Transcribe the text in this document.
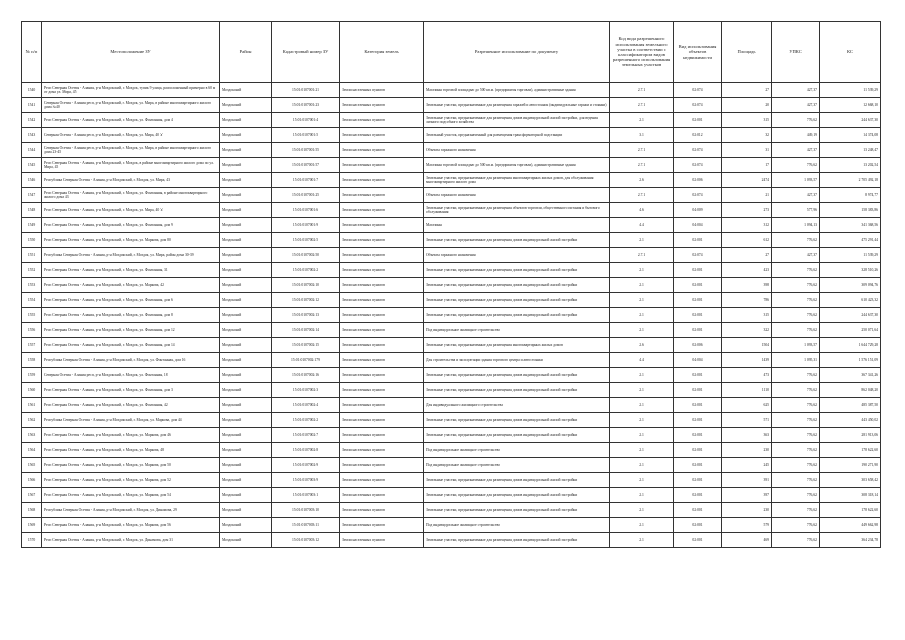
№ п/п	Местоположение ЗУ	Район	Кадастровый номер ЗУ	Категория земель	Разрешенное использование по документу	Код вида разрешенного использования земельного участка в соответствии с классификатором видов разрешенного использования земельных участков	Вид использования объектов недвижимости	Площадь	УПКС	КС
1540	Респ Северная Осетия - Алания, р-н Моздокский, г. Моздок, тупик 9 улица, расположенный примерно в 60 м от дома ул. Мира, 45	Моздокский	15:01:0107001:21	Земли населенных пунктов	Магазины торговой площадью до 500 кв.м. (предприятия торговли), административные здания	2.7.1	02:074	27	427,37	11 539,29
1541	Северная Осетия - Алания респ, р-н Моздокский, г. Моздок, ул. Мира, в районе многоквартирного жилого дома №40	Моздокский	15:01:0107001:23	Земли населенных пунктов	Земельные участки, предназначенные для размещения гаражей и автостоянок (индивидуальные гаражи и стоянки)	2.7.1	02:074	20	427,37	12 668,10
1542	Респ Северная Осетия - Алания, р-н Моздокский, г. Моздок, ул. Фонтанная, дом 4	Моздокский	15:01:0107001:4	Земли населенных пунктов	Земельные участки, предназначенные для размещения домов индивидуальной жилой застройки, для ведения личного подсобного хозяйства	2.1	02:001	315	776,62	244 637,30
1543	Северная Осетия - Алания респ, р-н Моздокский, г. Моздок, ул. Мира, 40 'а'	Моздокский	15:01:0107001:5	Земли населенных пунктов	Земельный участок, предназначенный для размещения трансформаторной подстанции	3.1	02:012	32	449,19	14 374,08
1544	Северная Осетия - Алания респ, р-н Моздокский, г. Моздок, ул. Мира, в районе многоквартирного жилого дома 23-45	Моздокский	15:01:0107001:55	Земли населенных пунктов	Объекты гаражного назначения	2.7.1	02:074	31	427,37	13 248,47
1545	Респ Северная Осетия - Алания, р-н Моздокский, г. Моздок, в районе многоквартирного жилого дома по ул. Мира, 45	Моздокский	15:01:0107001:57	Земли населенных пунктов	Магазины торговой площадью до 500 кв.м. (предприятия торговли), административные здания	2.7.1	02:074	17	776,62	13 202,54
1546	Республика Северная Осетия - Алания, р-н Моздокский, г. Моздок, ул. Мира, 43	Моздокский	15:01:0107001:7	Земли населенных пунктов	Земельные участки, предназначенные для размещения многоквартирных жилых домов, для обслуживания многоквартирного жилого дома	2.6	02:006	2474	1 093,57	2 705 492,18
1547	Респ Северная Осетия - Алания, р-н Моздокский, г. Моздок, ул. Фонтанная, в районе многоквартирного жилого дома 43	Моздокский	15:01:0107001:25	Земли населенных пунктов	Объекты гаражного назначения	2.7.1	02:074	21	427,37	8 974,77
1548	Респ Северная Осетия - Алания, р-н Моздокский, г. Моздок, ул. Мира, 40 'а'	Моздокский	15:01:0107001:6	Земли населенных пунктов	Земельные участки, предназначенные для размещения объектов торговли, общественного питания и бытового обслуживания	4.6	04:009	273	577,96	158 383,86
1549	Респ Северная Осетия - Алания, р-н Моздокский, г. Моздок, ул. Фонтанная, дом 9	Моздокский	15:01:0107001:9	Земли населенных пунктов	Магазины	4.4	04:004	312	1 094,13	341 368,56
1550	Респ Северная Осетия - Алания, р-н Моздокский, г. Моздок, ул. Маркова, дом 80	Моздокский	15:01:0107002:5	Земли населенных пунктов	Земельные участки, предназначенные для размещения домов индивидуальной жилой застройки	2.1	02:001	612	776,62	475 291,44
1551	Республика Северная Осетия - Алания, р-н Моздокский, г. Моздок, ул. Мира, район дома 30-39	Моздокский	15:01:0107002:50	Земли населенных пунктов	Объекты гаражного назначения	2.7.1	02:074	27	427,37	11 539,29
1552	Респ Северная Осетия - Алания, р-н Моздокский, г. Моздок, ул. Фонтанная, 31	Моздокский	15:01:0107002:2	Земли населенных пунктов	Земельные участки, предназначенные для размещения домов индивидуальной жилой застройки	2.1	02:001	423	776,62	328 510,26
1553	Респ Северная Осетия - Алания, р-н Моздокский, г. Моздок, ул. Маркова, 42	Моздокский	15:01:0107002:10	Земли населенных пунктов	Земельные участки, предназначенные для размещения домов индивидуальной жилой застройки	2.1	02:001	398	776,62	309 094,76
1554	Респ Северная Осетия - Алания, р-н Моздокский, г. Моздок, ул. Фонтанная, дом 6	Моздокский	15:01:0107002:12	Земли населенных пунктов	Земельные участки, предназначенные для размещения домов индивидуальной жилой застройки	2.1	02:001	786	776,62	610 423,32
1555	Респ Северная Осетия - Алания, р-н Моздокский, г. Моздок, ул. Фонтанная, дом 8	Моздокский	15:01:0107002:13	Земли населенных пунктов	Земельные участки, предназначенные для размещения домов индивидуальной жилой застройки	2.1	02:001	315	776,62	244 637,30
1556	Респ Северная Осетия - Алания, р-н Моздокский, г. Моздок, ул. Фонтанная, дом 12	Моздокский	15:01:0107002:14	Земли населенных пунктов	Под индивидуальное жилищное строительство	2.1	02:001	322	776,62	250 071,64
1557	Респ Северная Осетия - Алания, р-н Моздокский, г. Моздок, ул. Фонтанная, дом 14	Моздокский	15:01:0107002:15	Земли населенных пунктов	Земельные участки, предназначенные для размещения многоквартирных жилых домов	2.6	02:006	1504	1 093,57	1 644 729,28
1558	Республика Северная Осетия - Алания, р-н Моздокский, г. Моздок, ул. Фонтанная, дом 16	Моздокский	15:01:0107002:179	Земли населенных пунктов	Для строительства и эксплуатации здания торгового центра и автостоянки	4.4	04:004	1439	1 095,31	1 576 151,09
1559	Северная Осетия - Алания респ, р-н Моздокский, г. Моздок, ул. Фонтанная, 18	Моздокский	15:01:0107002:16	Земли населенных пунктов	Земельные участки, предназначенные для размещения домов индивидуальной жилой застройки	2.1	02:001	473	776,62	367 341,26
1560	Респ Северная Осетия - Алания, р-н Моздокский, г. Моздок, ул. Фонтанная, дом 3	Моздокский	15:01:0107002:3	Земли населенных пунктов	Земельные участки, предназначенные для размещения домов индивидуальной жилой застройки	2.1	02:001	1110	776,62	862 048,20
1561	Респ Северная Осетия - Алания, р-н Моздокский, г. Моздок, ул. Фонтанная, 42	Моздокский	15:01:0107002:4	Земли населенных пунктов	Для индивидуального жилищного строительства	2.1	02:001	625	776,62	485 387,50
1562	Республика Северная Осетия - Алания, р-н Моздокский, г. Моздок, ул. Маркова, дом 44	Моздокский	15:01:0107002:2	Земли населенных пунктов	Земельные участки, предназначенные для размещения домов индивидуальной жилой застройки	2.1	02:001	571	776,62	443 450,02
1563	Респ Северная Осетия - Алания, р-н Моздокский, г. Моздок, ул. Маркова, дом 46	Моздокский	15:01:0107002:7	Земли населенных пунктов	Земельные участки, предназначенные для размещения домов индивидуальной жилой застройки	2.1	02:001	363	776,62	281 913,06
1564	Респ Северная Осетия - Алания, р-н Моздокский, г. Моздок, ул. Маркова, 48	Моздокский	15:01:0107002:8	Земли населенных пунктов	Под индивидуальное жилищное строительство	2.1	02:001	230	776,62	178 622,60
1565	Респ Северная Осетия - Алания, р-н Моздокский, г. Моздок, ул. Маркова, дом 50	Моздокский	15:01:0107002:9	Земли населенных пунктов	Под индивидуальное жилищное строительство	2.1	02:001	245	776,62	190 271,90
1566	Респ Северная Осетия - Алания, р-н Моздокский, г. Моздок, ул. Маркова, дом 52	Моздокский	15:01:0107003:9	Земли населенных пунктов	Земельные участки, предназначенные для размещения домов индивидуальной жилой застройки	2.1	02:001	391	776,62	303 658,42
1567	Респ Северная Осетия - Алания, р-н Моздокский, г. Моздок, ул. Маркова, дом 54	Моздокский	15:01:0107003:1	Земли населенных пунктов	Земельные участки, предназначенные для размещения домов индивидуальной жилой застройки	2.1	02:001	397	776,62	308 318,14
1568	Республика Северная Осетия - Алания, р-н Моздокский, г. Моздок, ул. Динамова, 29	Моздокский	15:01:0107003:10	Земли населенных пунктов	Земельные участки, предназначенные для размещения домов индивидуальной жилой застройки	2.1	02:001	230	776,62	178 622,60
1569	Респ Северная Осетия - Алания, р-н Моздокский, г. Моздок, ул. Маркова, дом 56	Моздокский	15:01:0107003:11	Земли населенных пунктов	Под индивидуальное жилищное строительство	2.1	02:001	579	776,62	449 662,98
1570	Респ Северная Осетия - Алания, р-н Моздокский, г. Моздок, ул. Динамова, дом 31	Моздокский	15:01:0107003:12	Земли населенных пунктов	Земельные участки, предназначенные для размещения домов индивидуальной жилой застройки	2.1	02:001	469	776,62	364 234,78
